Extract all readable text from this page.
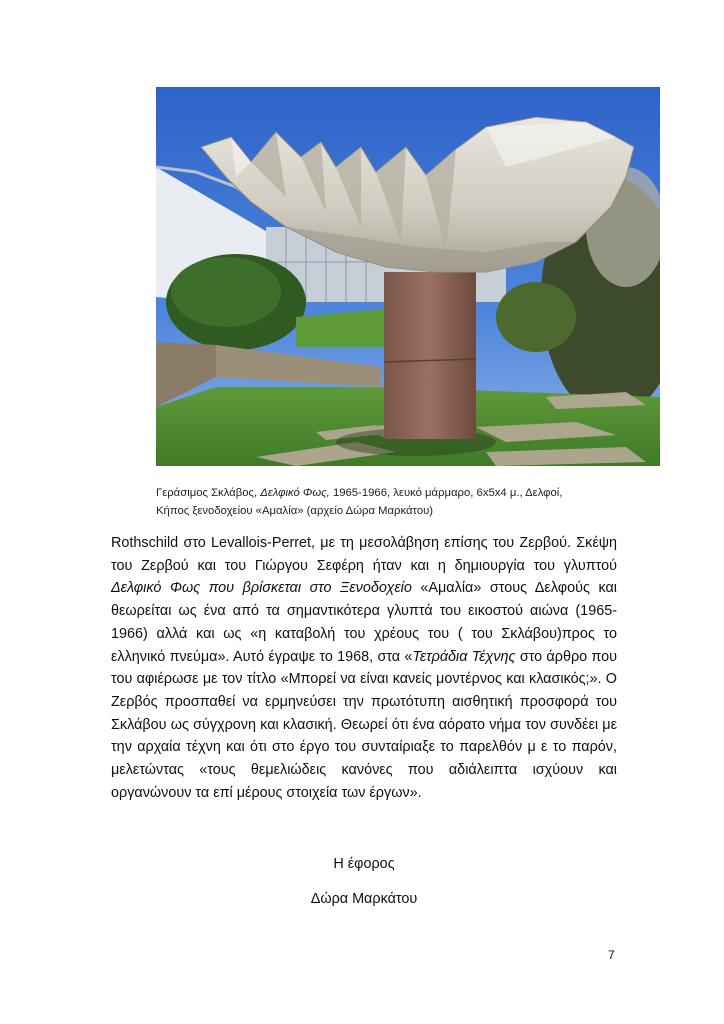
Γεράσιμος Σκλάβος, Δελφικό Φως, 1965-1966, λευκό μάρμαρο, 6x5x4 μ., Δελφοί,
Κήπος ξενοδοχείου «Αμαλία» (αρχείο Δώρα Μαρκάτου)

Rothschild στο Levallois-Perret, με τη μεσολάβηση επίσης του Ζερβού. Σκέψη του Ζερβού και του Γιώργου Σεφέρη ήταν και η δημιουργία του γλυπτού Δελφικό Φως που βρίσκεται στο Ξενοδοχείο «Αμαλία» στους Δελφούς και θεωρείται ως ένα από τα σημαντικότερα γλυπτά του εικοστού αιώνα (1965-1966) αλλά και ως «η καταβολή του χρέους του ( του Σκλάβου)προς το ελληνικό πνεύμα». Αυτό έγραψε το 1968, στα «Τετράδια Τέχνης στο άρθρο που του αφιέρωσε με τον τίτλο «Μπορεί να είναι κανείς μοντέρνος και κλασικός;». Ο Ζερβός προσπαθεί να ερμηνεύσει την πρωτότυπη αισθητική προσφορά του Σκλάβου ως σύγχρονη και κλασική. Θεωρεί ότι ένα αόρατο νήμα τον συνδέει με την αρχαία τέχνη και ότι στο έργο του συνταίριαξε το παρελθόν μ ε το παρόν, μελετώντας «τους θεμελιώδεις κανόνες που αδιάλειπτα ισχύουν και οργανώνουν τα επί μέρους στοιχεία των έργων».

Η έφορος
Δώρα Μαρκάτου
7
